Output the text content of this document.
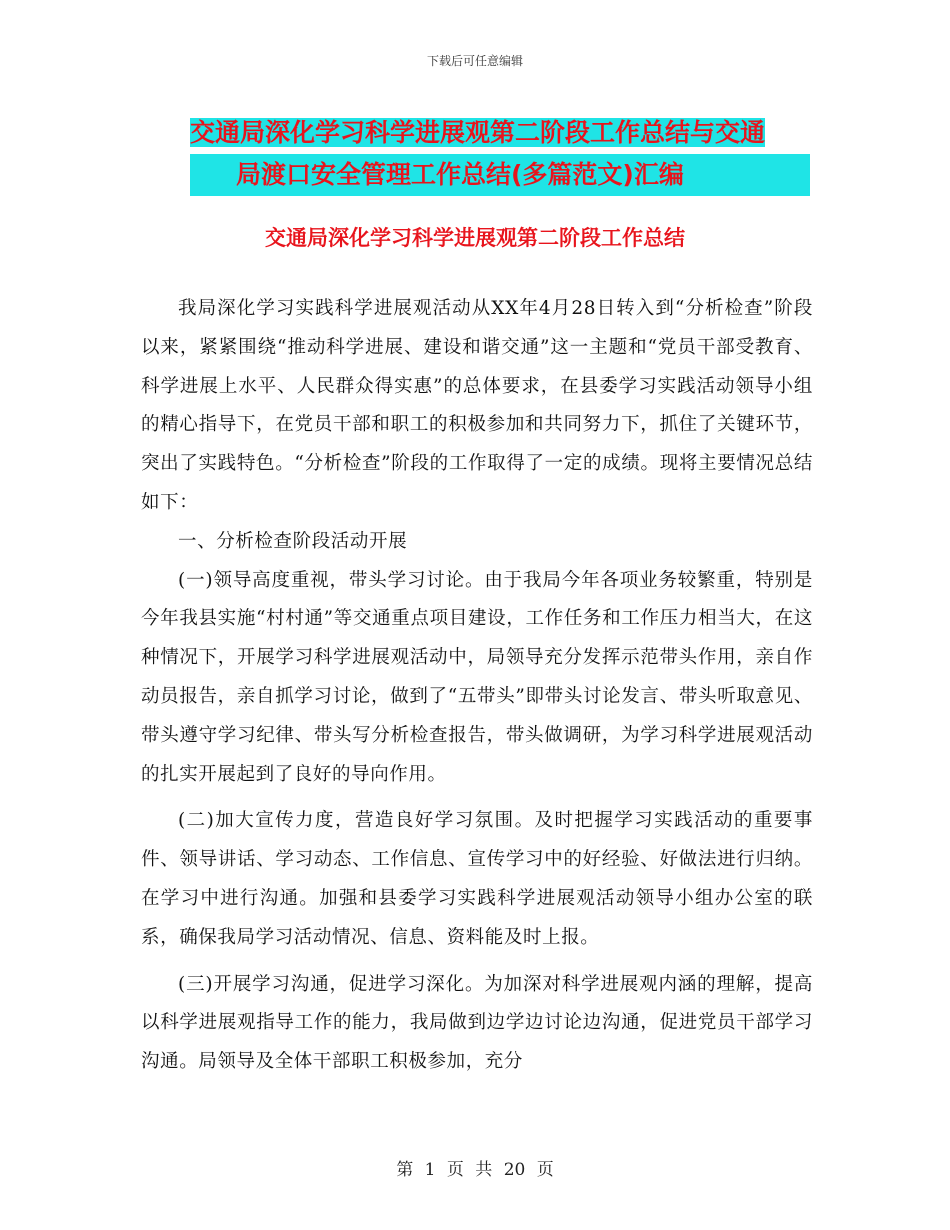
下载后可任意编辑
交通局深化学习科学进展观第二阶段工作总结与交通
局渡口安全管理工作总结(多篇范文)汇编
交通局深化学习科学进展观第二阶段工作总结

我局深化学习实践科学进展观活动从XX年4月28日转入到“分析检查”阶段以来，紧紧围绕“推动科学进展、建设和谐交通”这一主题和“党员干部受教育、科学进展上水平、人民群众得实惠”的总体要求，在县委学习实践活动领导小组的精心指导下，在党员干部和职工的积极参加和共同努力下，抓住了关键环节，突出了实践特色。“分析检查”阶段的工作取得了一定的成绩。现将主要情况总结如下：

一、分析检查阶段活动开展

(一)领导高度重视，带头学习讨论。由于我局今年各项业务较繁重，特别是今年我县实施“村村通”等交通重点项目建设，工作任务和工作压力相当大，在这种情况下，开展学习科学进展观活动中，局领导充分发挥示范带头作用，亲自作动员报告，亲自抓学习讨论，做到了“五带头”即带头讨论发言、带头听取意见、带头遵守学习纪律、带头写分析检查报告，带头做调研，为学习科学进展观活动的扎实开展起到了良好的导向作用。

(二)加大宣传力度，营造良好学习氛围。及时把握学习实践活动的重要事件、领导讲话、学习动态、工作信息、宣传学习中的好经验、好做法进行归纳。在学习中进行沟通。加强和县委学习实践科学进展观活动领导小组办公室的联系，确保我局学习活动情况、信息、资料能及时上报。

(三)开展学习沟通，促进学习深化。为加深对科学进展观内涵的理解，提高以科学进展观指导工作的能力，我局做到边学边讨论边沟通，促进党员干部学习沟通。局领导及全体干部职工积极参加，充分

第 1 页 共 20 页
